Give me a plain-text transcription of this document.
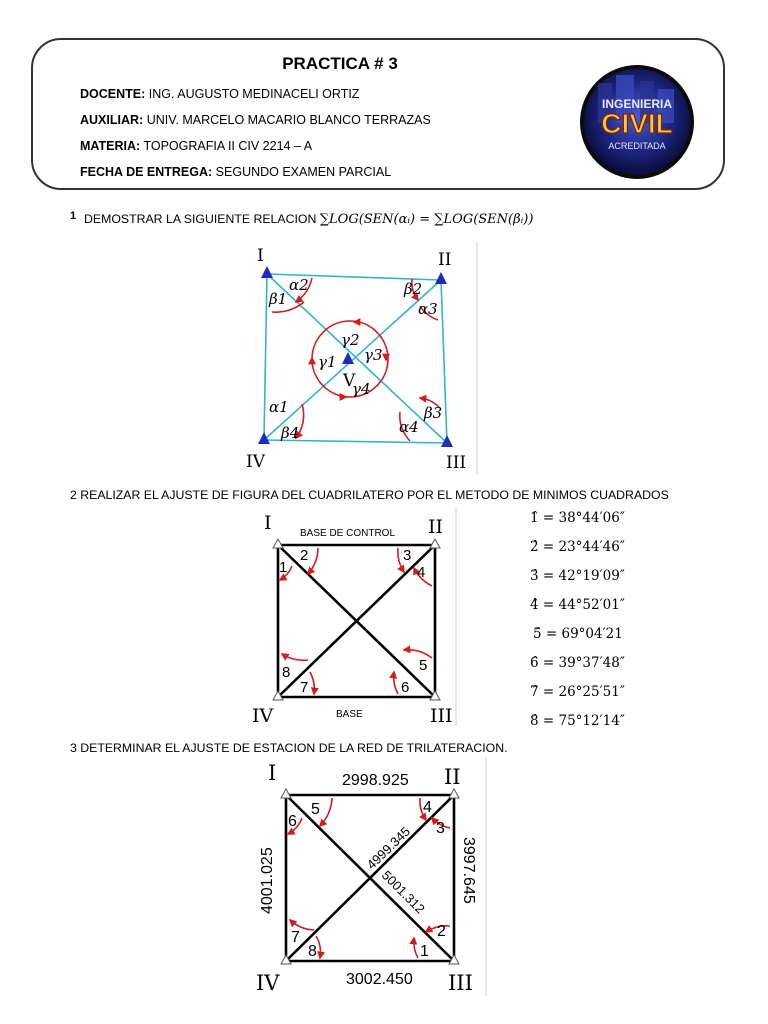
PRACTICA # 3
DOCENTE: ING. AUGUSTO MEDINACELI ORTIZ
AUXILIAR: UNIV. MARCELO MACARIO BLANCO TERRAZAS
MATERIA: TOPOGRAFIA II CIV 2214 – A
FECHA DE ENTREGA: SEGUNDO EXAMEN PARCIAL
INGENIERIA
CIVIL
ACREDITADA
1 DEMOSTRAR LA SIGUIENTE RELACION ∑LOG(SEN(αᵢ) = ∑LOG(SEN(βᵢ))
I	II
III
IV
V
α2
β1
β2
α3
γ2
γ1 γ3
γ4
α1
β4
β3
α4
2 REALIZAR EL AJUSTE DE FIGURA DEL CUADRILATERO POR EL METODO DE MINIMOS CUADRADOS
I	II
III
IV
BASE DE CONTROL
BASE
1
2	3
4
5
6
7
8
1̂ = 38°44′06″
2̂ = 23°44′46″
3̂ = 42°19′09″
4̂ = 44°52′01″
5̂ = 69°04′21
6̂ = 39°37′48″
7̂ = 26°25′51″
8̂ = 75°12′14″
3 DETERMINAR EL AJUSTE DE ESTACION DE LA RED DE TRILATERACION.
I	II
III
IV
2998.925
3002.450
4001.025	3997.645
4999.345
5001.312
1
2
3
4
5
6
7
8
